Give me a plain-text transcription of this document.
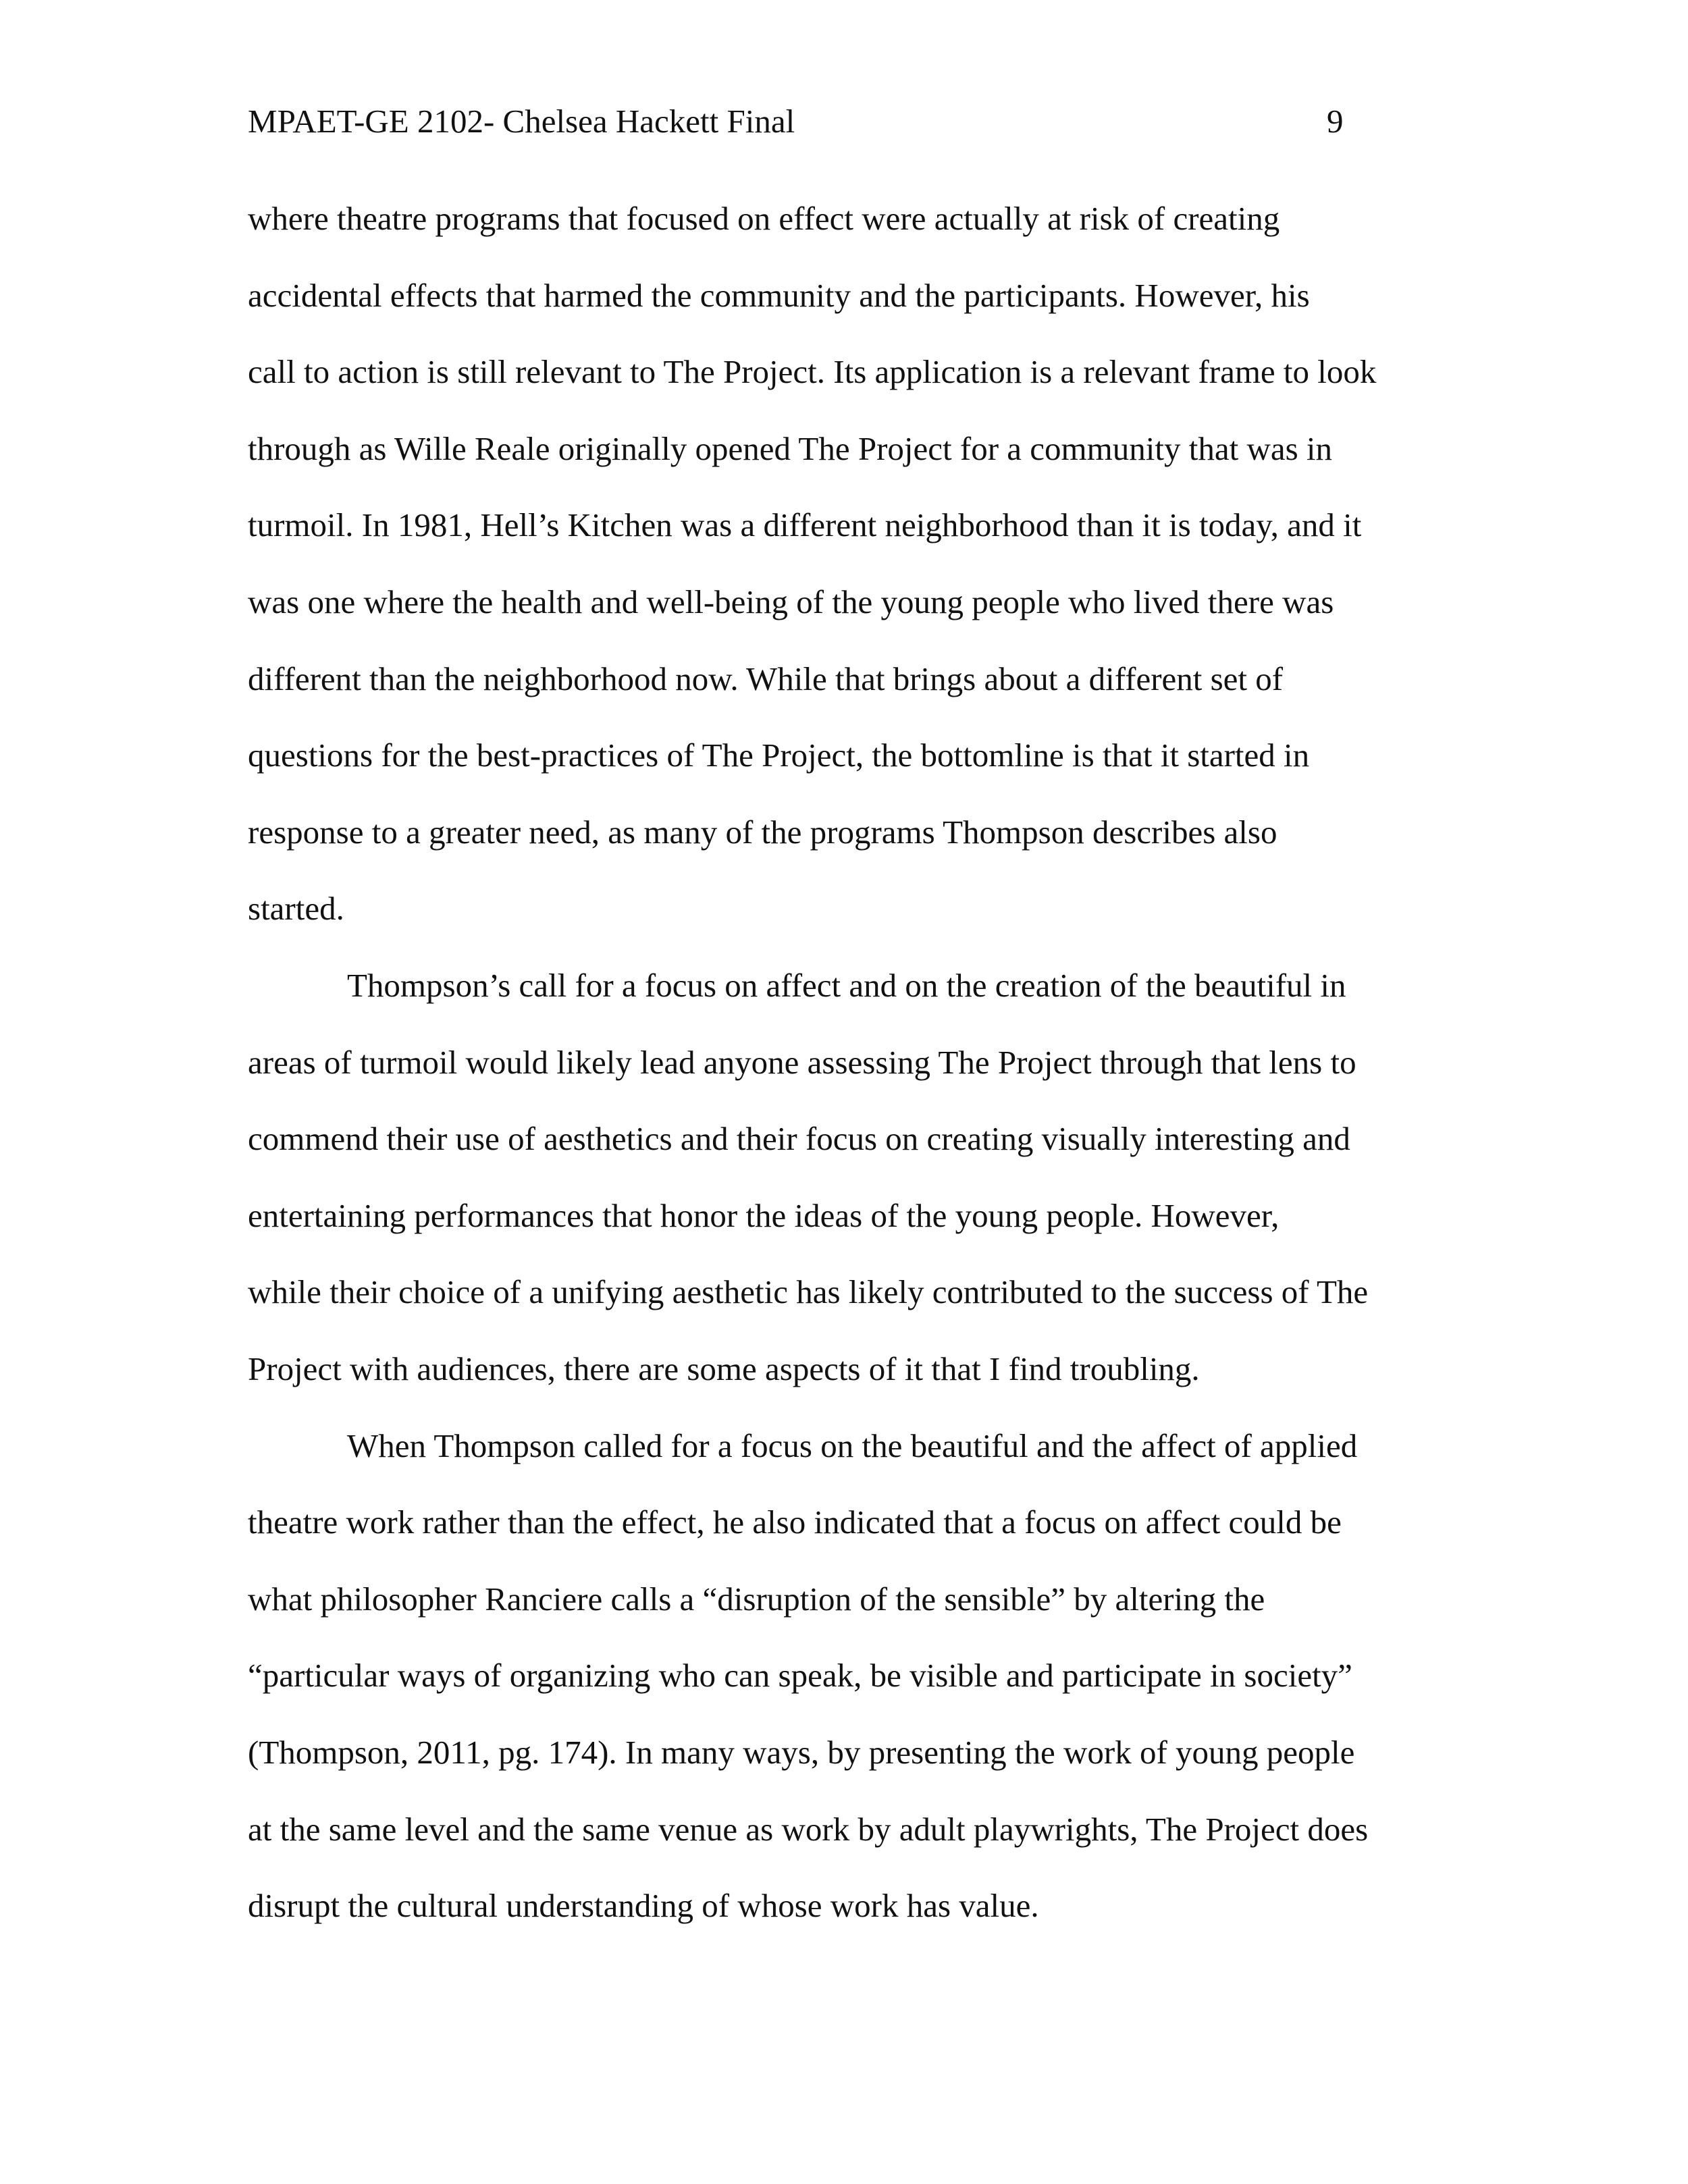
MPAET-GE 2102- Chelsea Hackett Final	9
where theatre programs that focused on effect were actually at risk of creating
accidental effects that harmed the community and the participants. However, his
call to action is still relevant to The Project. Its application is a relevant frame to look
through as Wille Reale originally opened The Project for a community that was in
turmoil. In 1981, Hell’s Kitchen was a different neighborhood than it is today, and it
was one where the health and well-being of the young people who lived there was
different than the neighborhood now. While that brings about a different set of
questions for the best-practices of The Project, the bottomline is that it started in
response to a greater need, as many of the programs Thompson describes also
started.
Thompson’s call for a focus on affect and on the creation of the beautiful in
areas of turmoil would likely lead anyone assessing The Project through that lens to
commend their use of aesthetics and their focus on creating visually interesting and
entertaining performances that honor the ideas of the young people. However,
while their choice of a unifying aesthetic has likely contributed to the success of The
Project with audiences, there are some aspects of it that I find troubling.
When Thompson called for a focus on the beautiful and the affect of applied
theatre work rather than the effect, he also indicated that a focus on affect could be
what philosopher Ranciere calls a “disruption of the sensible” by altering the
“particular ways of organizing who can speak, be visible and participate in society”
(Thompson, 2011, pg. 174). In many ways, by presenting the work of young people
at the same level and the same venue as work by adult playwrights, The Project does
disrupt the cultural understanding of whose work has value.
